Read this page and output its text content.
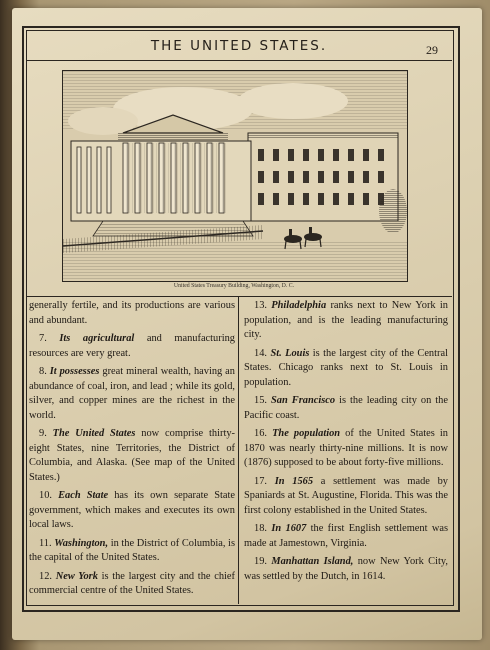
THE UNITED STATES.	29
United States Treasury Building, Washington, D. C.

generally fertile, and its productions are various and abundant.

7. Its agricultural and manufacturing resources are very great.

8. It possesses great mineral wealth, having an abundance of coal, iron, and lead ; while its gold, silver, and copper mines are the richest in the world.

9. The United States now comprise thirty-eight States, nine Territories, the District of Columbia, and Alaska. (See map of the United States.)

10. Each State has its own separate State government, which makes and executes its own local laws.

11. Washington, in the District of Columbia, is the capital of the United States.

12. New York is the largest city and the chief commercial centre of the United States.

13. Philadelphia ranks next to New York in population, and is the leading manufacturing city.

14. St. Louis is the largest city of the Central States. Chicago ranks next to St. Louis in population.

15. San Francisco is the leading city on the Pacific coast.

16. The population of the United States in 1870 was nearly thirty-nine millions. It is now (1876) supposed to be about forty-five millions.

17. In 1565 a settlement was made by Spaniards at St. Augustine, Florida. This was the first colony established in the United States.

18. In 1607 the first English settlement was made at Jamestown, Virginia.

19. Manhattan Island, now New York City, was settled by the Dutch, in 1614.
